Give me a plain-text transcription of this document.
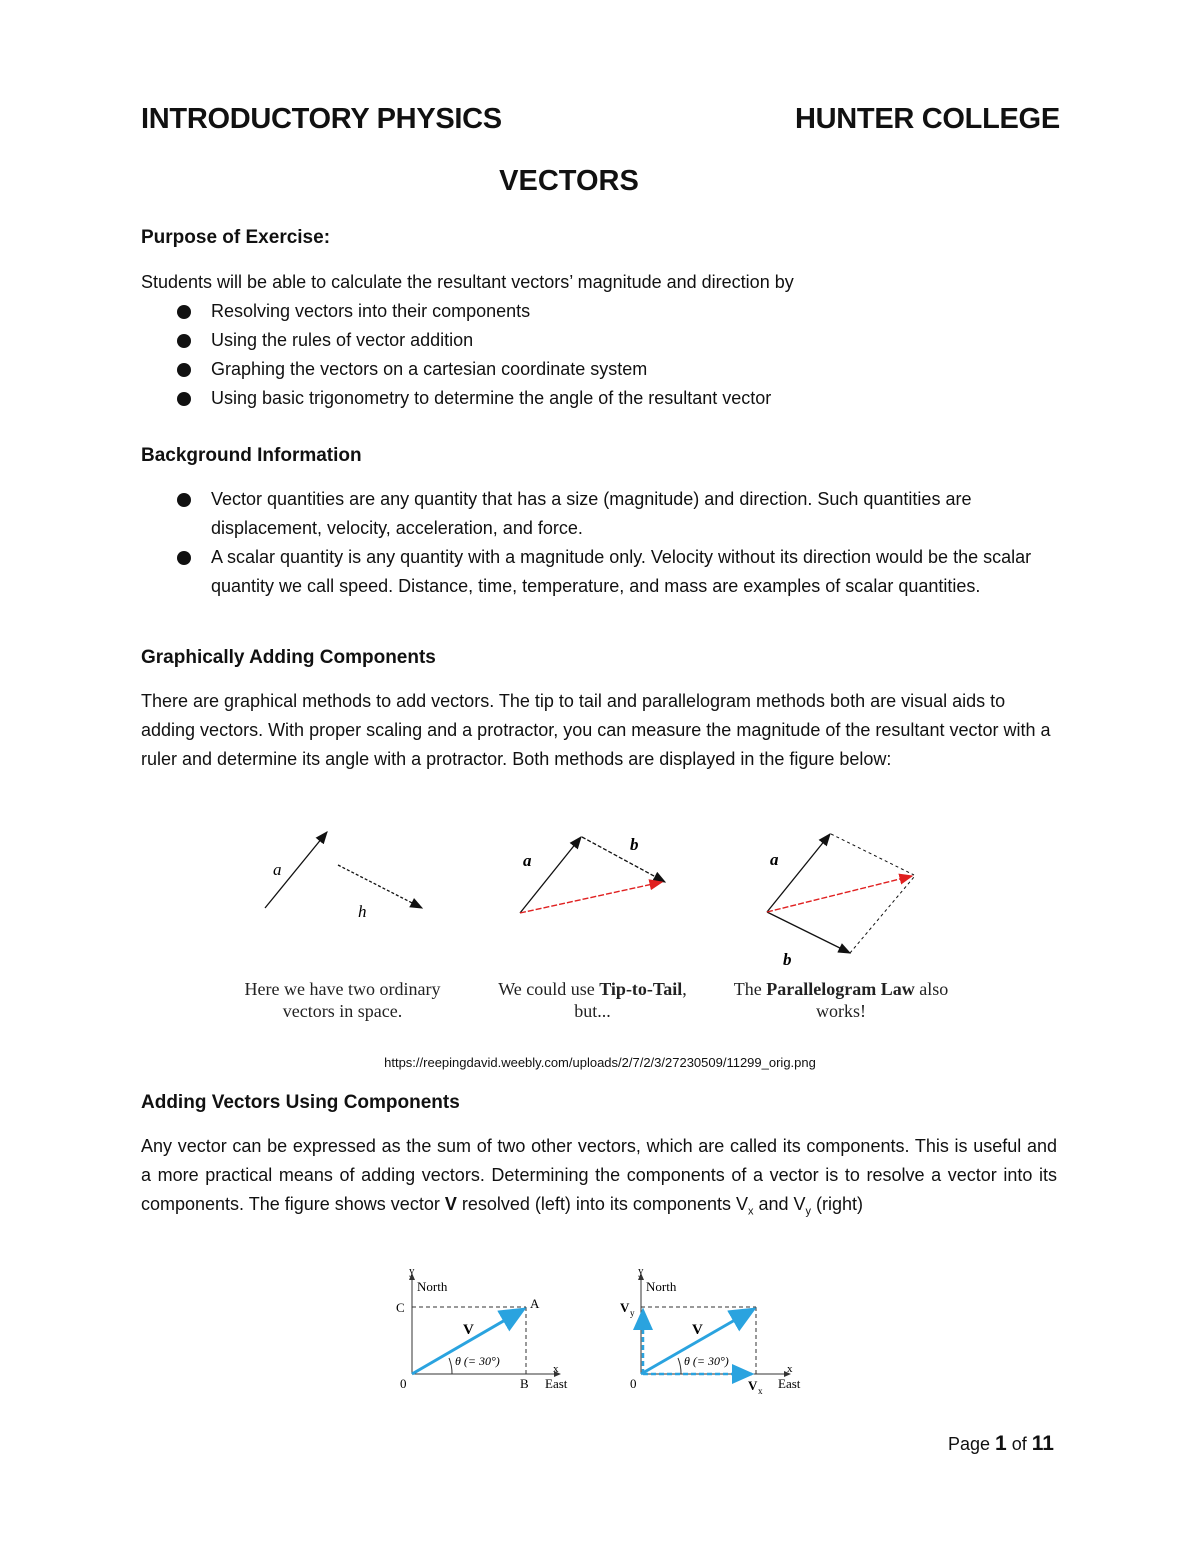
INTRODUCTORY PHYSICS	HUNTER COLLEGE
VECTORS
Purpose of Exercise:
Students will be able to calculate the resultant vectors’ magnitude and direction by
Resolving vectors into their components
Using the rules of vector addition
Graphing the vectors on a cartesian coordinate system
Using basic trigonometry to determine the angle of the resultant vector
Background Information
Vector quantities are any quantity that has a size (magnitude) and direction. Such quantities are displacement, velocity, acceleration, and force.
A scalar quantity is any quantity with a magnitude only. Velocity without its direction would be the scalar quantity we call speed. Distance, time, temperature, and mass are examples of scalar quantities.
Graphically Adding Components
There are graphical methods to add vectors. The tip to tail and parallelogram methods both are visual aids to adding vectors. With proper scaling and a protractor, you can measure the magnitude of the resultant vector with a ruler and determine its angle with a protractor. Both methods are displayed in the figure below:
a
h
a
b
a
b
Here we have two ordinary
vectors in space.
We could use Tip-to-Tail,
but...
The Parallelogram Law also
works!
https://reepingdavid.weebly.com/uploads/2/7/2/3/27230509/11299_orig.png
Adding Vectors Using Components
Any vector can be expressed as the sum of two other vectors, which are called its components. This is useful and a more practical means of adding vectors. Determining the components of a vector is to resolve a vector into its components. The figure shows vector V resolved (left) into its components $V_x$ and $V_y$ (right)
y
North
C	A
0	B East
x
V
θ (= 30°)
y
North
V y
0	V x East
x
V
θ (= 30°)
Page 1 of 11
